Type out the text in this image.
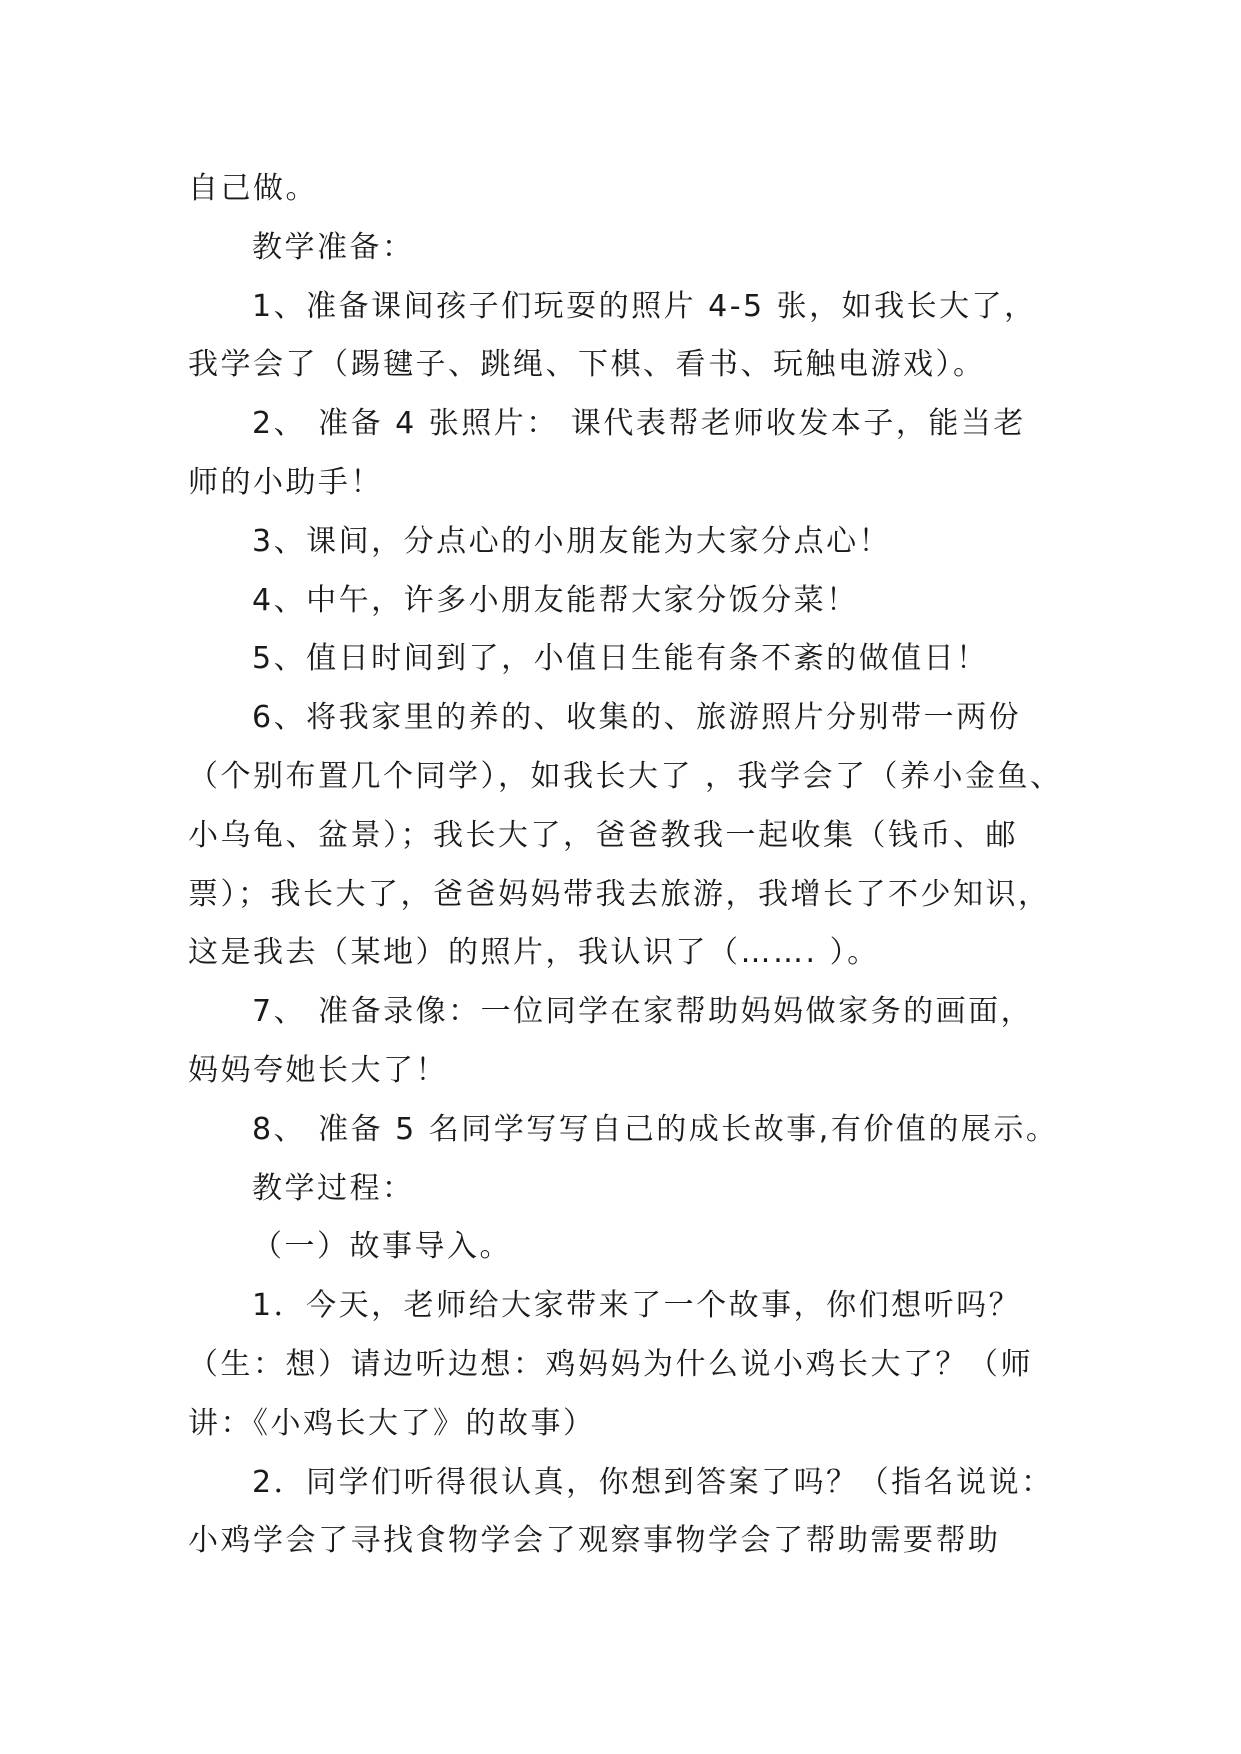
自己做。
教学准备：
1、准备课间孩子们玩耍的照片 4-5 张，如我长大了，
我学会了（踢毽子、跳绳、下棋、看书、玩触电游戏）。
2、 准备 4 张照片： 课代表帮老师收发本子，能当老
师的小助手！
3、课间，分点心的小朋友能为大家分点心！
4、中午，许多小朋友能帮大家分饭分菜！
5、值日时间到了，小值日生能有条不紊的做值日！
6、将我家里的养的、收集的、旅游照片分别带一两份
（个别布置几个同学），如我长大了 ，我学会了（养小金鱼、
小乌龟、盆景）；我长大了，爸爸教我一起收集（钱币、邮
票）；我长大了，爸爸妈妈带我去旅游，我增长了不少知识，
这是我去（某地）的照片，我认识了（……. ）。
7、 准备录像：一位同学在家帮助妈妈做家务的画面，
妈妈夸她长大了！
8、 准备 5 名同学写写自己的成长故事,有价值的展示。
教学过程：
（一）故事导入。
1．今天，老师给大家带来了一个故事，你们想听吗？
（生：想）请边听边想：鸡妈妈为什么说小鸡长大了？（师
讲：《小鸡长大了》的故事）
2．同学们听得很认真，你想到答案了吗？（指名说说：
小鸡学会了寻找食物学会了观察事物学会了帮助需要帮助
